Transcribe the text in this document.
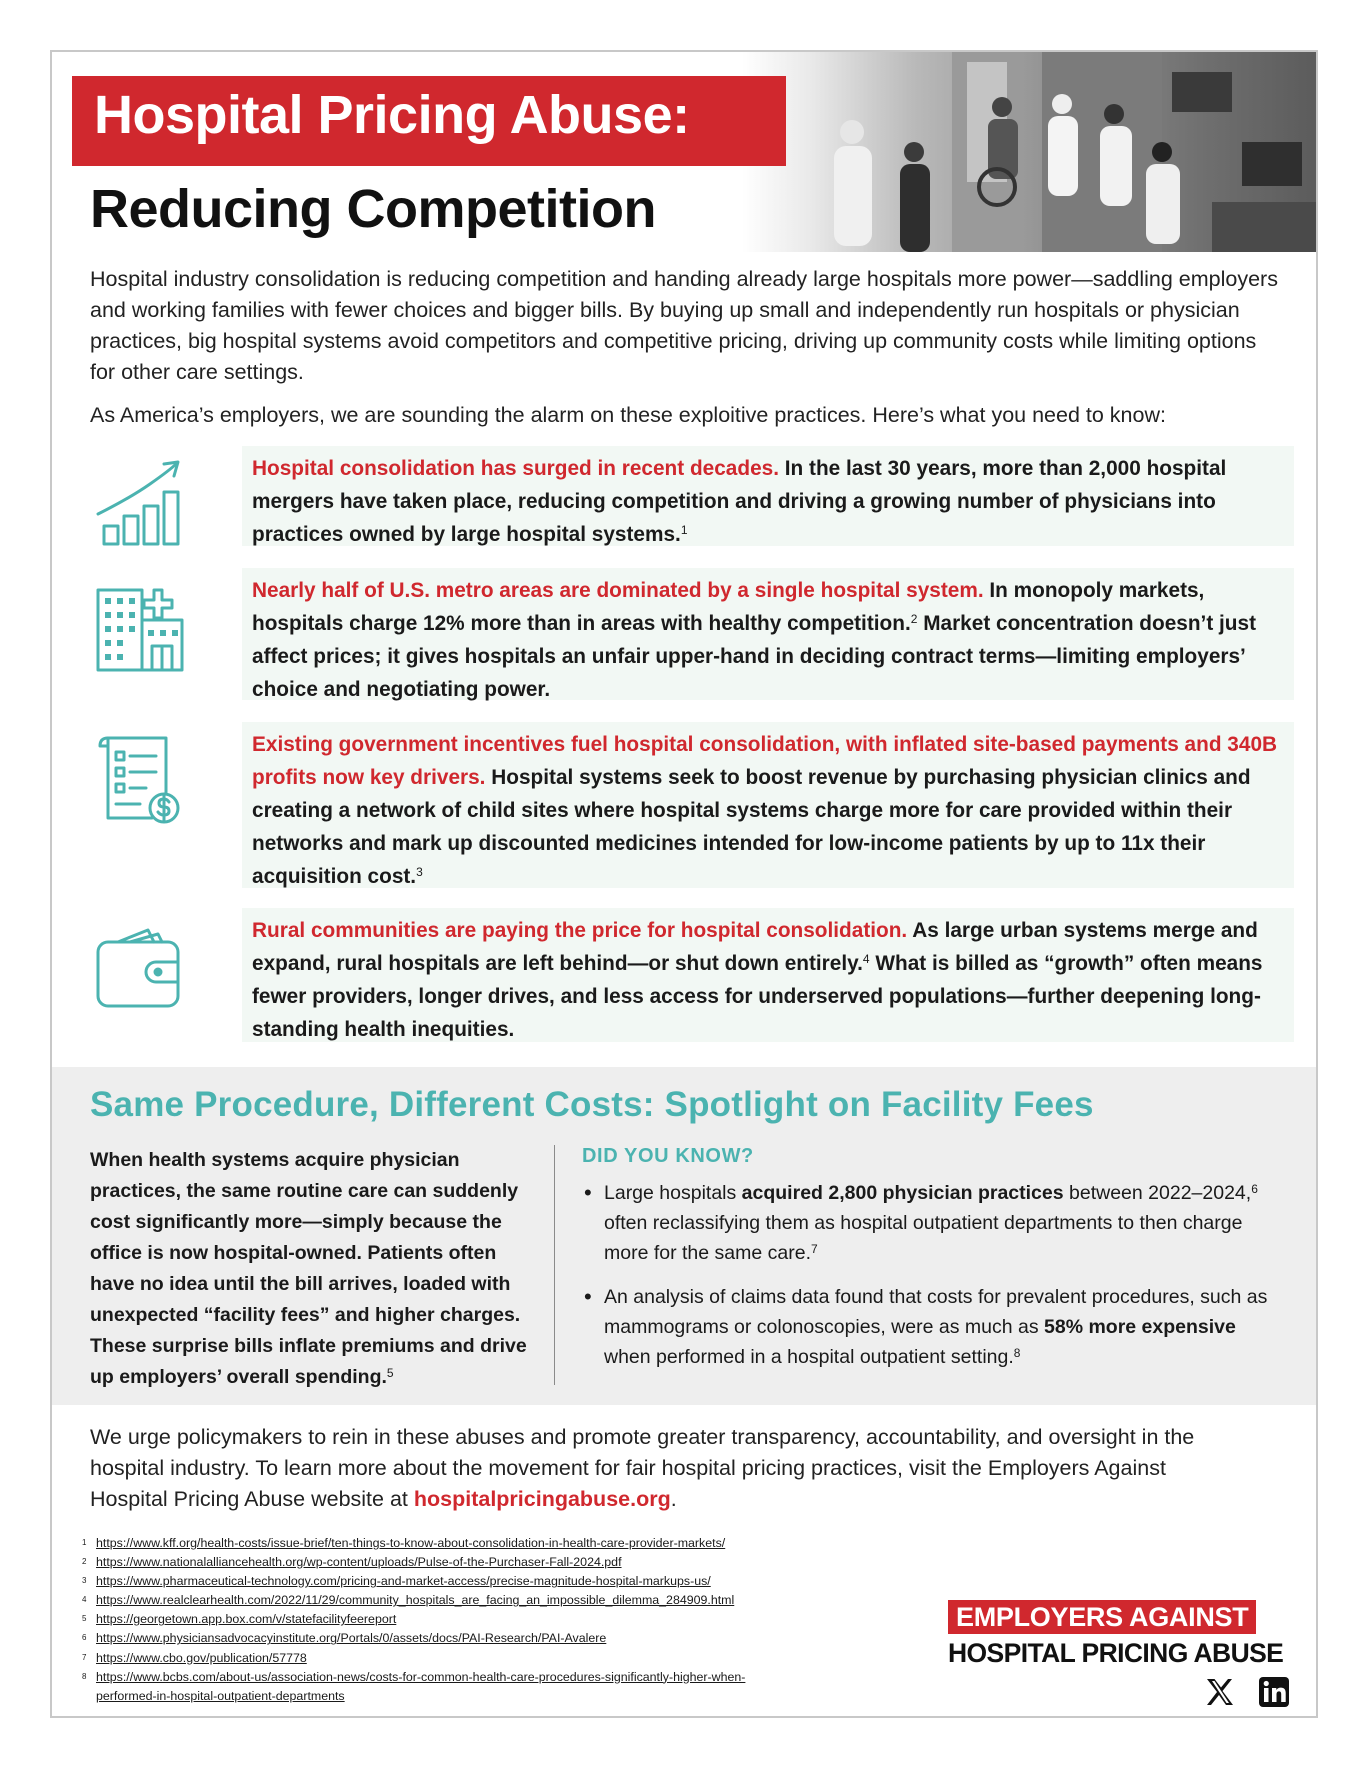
Hospital Pricing Abuse:
Reducing Competition

Hospital industry consolidation is reducing competition and handing already large hospitals more power—saddling employers and working families with fewer choices and bigger bills. By buying up small and independently run hospitals or physician practices, big hospital systems avoid competitors and competitive pricing, driving up community costs while limiting options for other care settings.

As America’s employers, we are sounding the alarm on these exploitive practices. Here’s what you need to know:

Hospital consolidation has surged in recent decades. In the last 30 years, more than 2,000 hospital mergers have taken place, reducing competition and driving a growing number of physicians into practices owned by large hospital systems.$^1$
Nearly half of U.S. metro areas are dominated by a single hospital system. In monopoly markets, hospitals charge 12% more than in areas with healthy competition.$^2$ Market concentration doesn’t just affect prices; it gives hospitals an unfair upper-hand in deciding contract terms—limiting employers’ choice and negotiating power.
Existing government incentives fuel hospital consolidation, with inflated site-based payments and 340B profits now key drivers. Hospital systems seek to boost revenue by purchasing physician clinics and creating a network of child sites where hospital systems charge more for care provided within their networks and mark up discounted medicines intended for low-income patients by up to 11x their acquisition cost.$^3$
Rural communities are paying the price for hospital consolidation. As large urban systems merge and expand, rural hospitals are left behind—or shut down entirely.$^4$ What is billed as “growth” often means fewer providers, longer drives, and less access for underserved populations—further deepening long-standing health inequities.
Same Procedure, Different Costs: Spotlight on Facility Fees

When health systems acquire physician practices, the same routine care can suddenly cost significantly more—simply because the office is now hospital-owned. Patients often have no idea until the bill arrives, loaded with unexpected “facility fees” and higher charges. These surprise bills inflate premiums and drive up employers’ overall spending.$^5$

DID YOU KNOW?
• Large hospitals acquired 2,800 physician practices between 2022–2024,$^6$ often reclassifying them as hospital outpatient departments to then charge more for the same care.$^7$
• An analysis of claims data found that costs for prevalent procedures, such as mammograms or colonoscopies, were as much as 58% more expensive when performed in a hospital outpatient setting.$^8$

We urge policymakers to rein in these abuses and promote greater transparency, accountability, and oversight in the hospital industry. To learn more about the movement for fair hospital pricing practices, visit the Employers Against Hospital Pricing Abuse website at hospitalpricingabuse.org.

1 https://www.kff.org/health-costs/issue-brief/ten-things-to-know-about-consolidation-in-health-care-provider-markets/
2 https://www.nationalalliancehealth.org/wp-content/uploads/Pulse-of-the-Purchaser-Fall-2024.pdf
3 https://www.pharmaceutical-technology.com/pricing-and-market-access/precise-magnitude-hospital-markups-us/
4 https://www.realclearhealth.com/2022/11/29/community_hospitals_are_facing_an_impossible_dilemma_284909.html
5 https://georgetown.app.box.com/v/statefacilityfeereport
6 https://www.physiciansadvocacyinstitute.org/Portals/0/assets/docs/PAI-Research/PAI-Avalere
7 https://www.cbo.gov/publication/57778
8 https://www.bcbs.com/about-us/association-news/costs-for-common-health-care-procedures-significantly-higher-when-performed-in-hospital-outpatient-departments
EMPLOYERS AGAINST
HOSPITAL PRICING ABUSE
